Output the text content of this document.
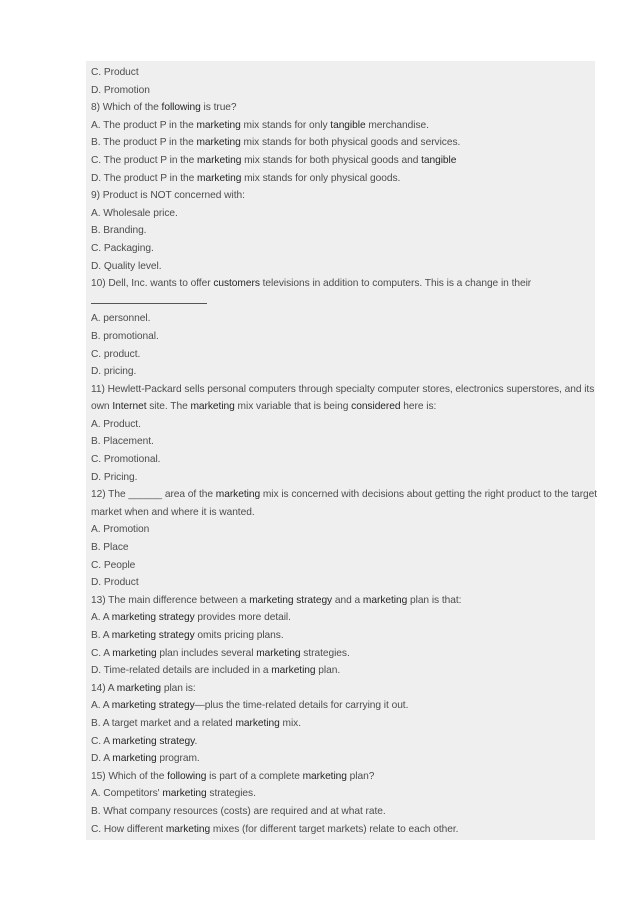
C. Product
D. Promotion
8) Which of the following is true?
A. The product P in the marketing mix stands for only tangible merchandise.
B. The product P in the marketing mix stands for both physical goods and services.
C. The product P in the marketing mix stands for both physical goods and tangible
D. The product P in the marketing mix stands for only physical goods.
9) Product is NOT concerned with:
A. Wholesale price.
B. Branding.
C. Packaging.
D. Quality level.
10) Dell, Inc. wants to offer customers televisions in addition to computers. This is a change in their
A. personnel.
B. promotional.
C. product.
D. pricing.
11) Hewlett-Packard sells personal computers through specialty computer stores, electronics superstores, and its
own Internet site. The marketing mix variable that is being considered here is:
A. Product.
B. Placement.
C. Promotional.
D. Pricing.
12) The ______ area of the marketing mix is concerned with decisions about getting the right product to the target
market when and where it is wanted.
A. Promotion
B. Place
C. People
D. Product
13) The main difference between a marketing strategy and a marketing plan is that:
A. A marketing strategy provides more detail.
B. A marketing strategy omits pricing plans.
C. A marketing plan includes several marketing strategies.
D. Time-related details are included in a marketing plan.
14) A marketing plan is:
A. A marketing strategy—plus the time-related details for carrying it out.
B. A target market and a related marketing mix.
C. A marketing strategy.
D. A marketing program.
15) Which of the following is part of a complete marketing plan?
A. Competitors' marketing strategies.
B. What company resources (costs) are required and at what rate.
C. How different marketing mixes (for different target markets) relate to each other.
